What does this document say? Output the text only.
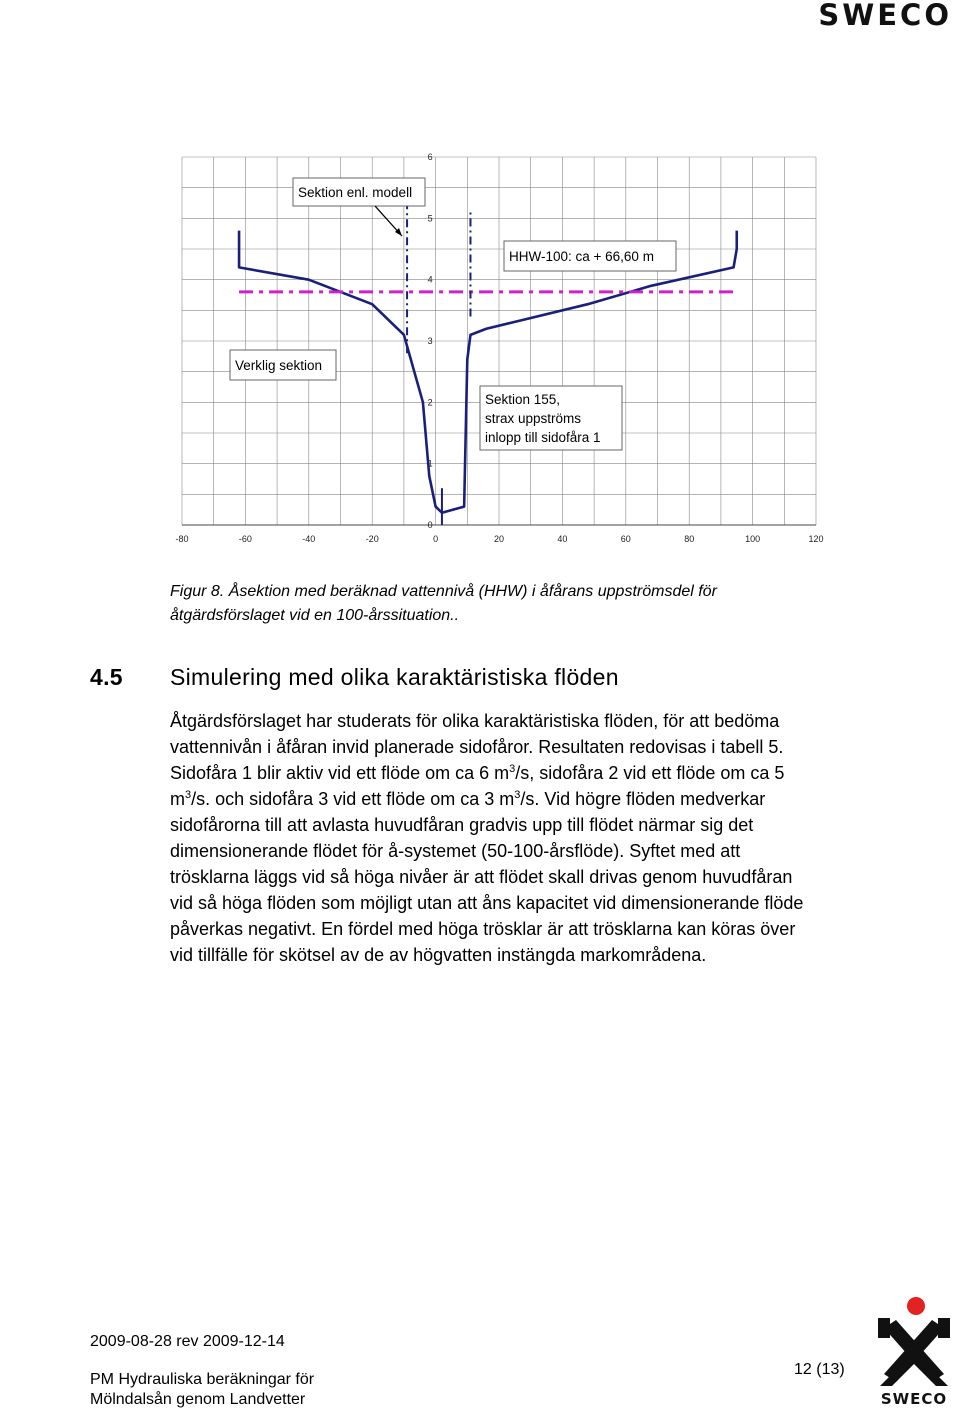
SWECO
-80	-60	-40	-20	0	20	40	60	80	100	120
0
1
2
3
4
5
6
Sektion enl. modell
HHW-100: ca + 66,60 m
Verklig sektion
Sektion 155,
strax uppströms
inlopp till sidofåra 1
Figur 8. Åsektion med beräknad vattennivå (HHW) i åfårans uppströmsdel för
åtgärdsförslaget vid en 100-årssituation..
4.5 Simulering med olika karaktäristiska flöden

Åtgärdsförslaget har studerats för olika karaktäristiska flöden, för att bedöma vattennivån i åfåran invid planerade sidofåror. Resultaten redovisas i tabell 5. Sidofåra 1 blir aktiv vid ett flöde om ca 6 $m^3/s$, sidofåra 2 vid ett flöde om ca 5 $m^3/s$. och sidofåra 3 vid ett flöde om ca 3 $m^3/s$. Vid högre flöden medverkar sidofårorna till att avlasta huvudfåran gradvis upp till flödet närmar sig det dimensionerande flödet för å-systemet (50-100-årsflöde). Syftet med att trösklarna läggs vid så höga nivåer är att flödet skall drivas genom huvudfåran vid så höga flöden som möjligt utan att åns kapacitet vid dimensionerande flöde påverkas negativt. En fördel med höga trösklar är att trösklarna kan köras över vid tillfälle för skötsel av de av högvatten instängda markområdena.

2009-08-28 rev 2009-12-14
PM Hydrauliska beräkningar för
Mölndalsån genom Landvetter
12 (13)
SWECO
